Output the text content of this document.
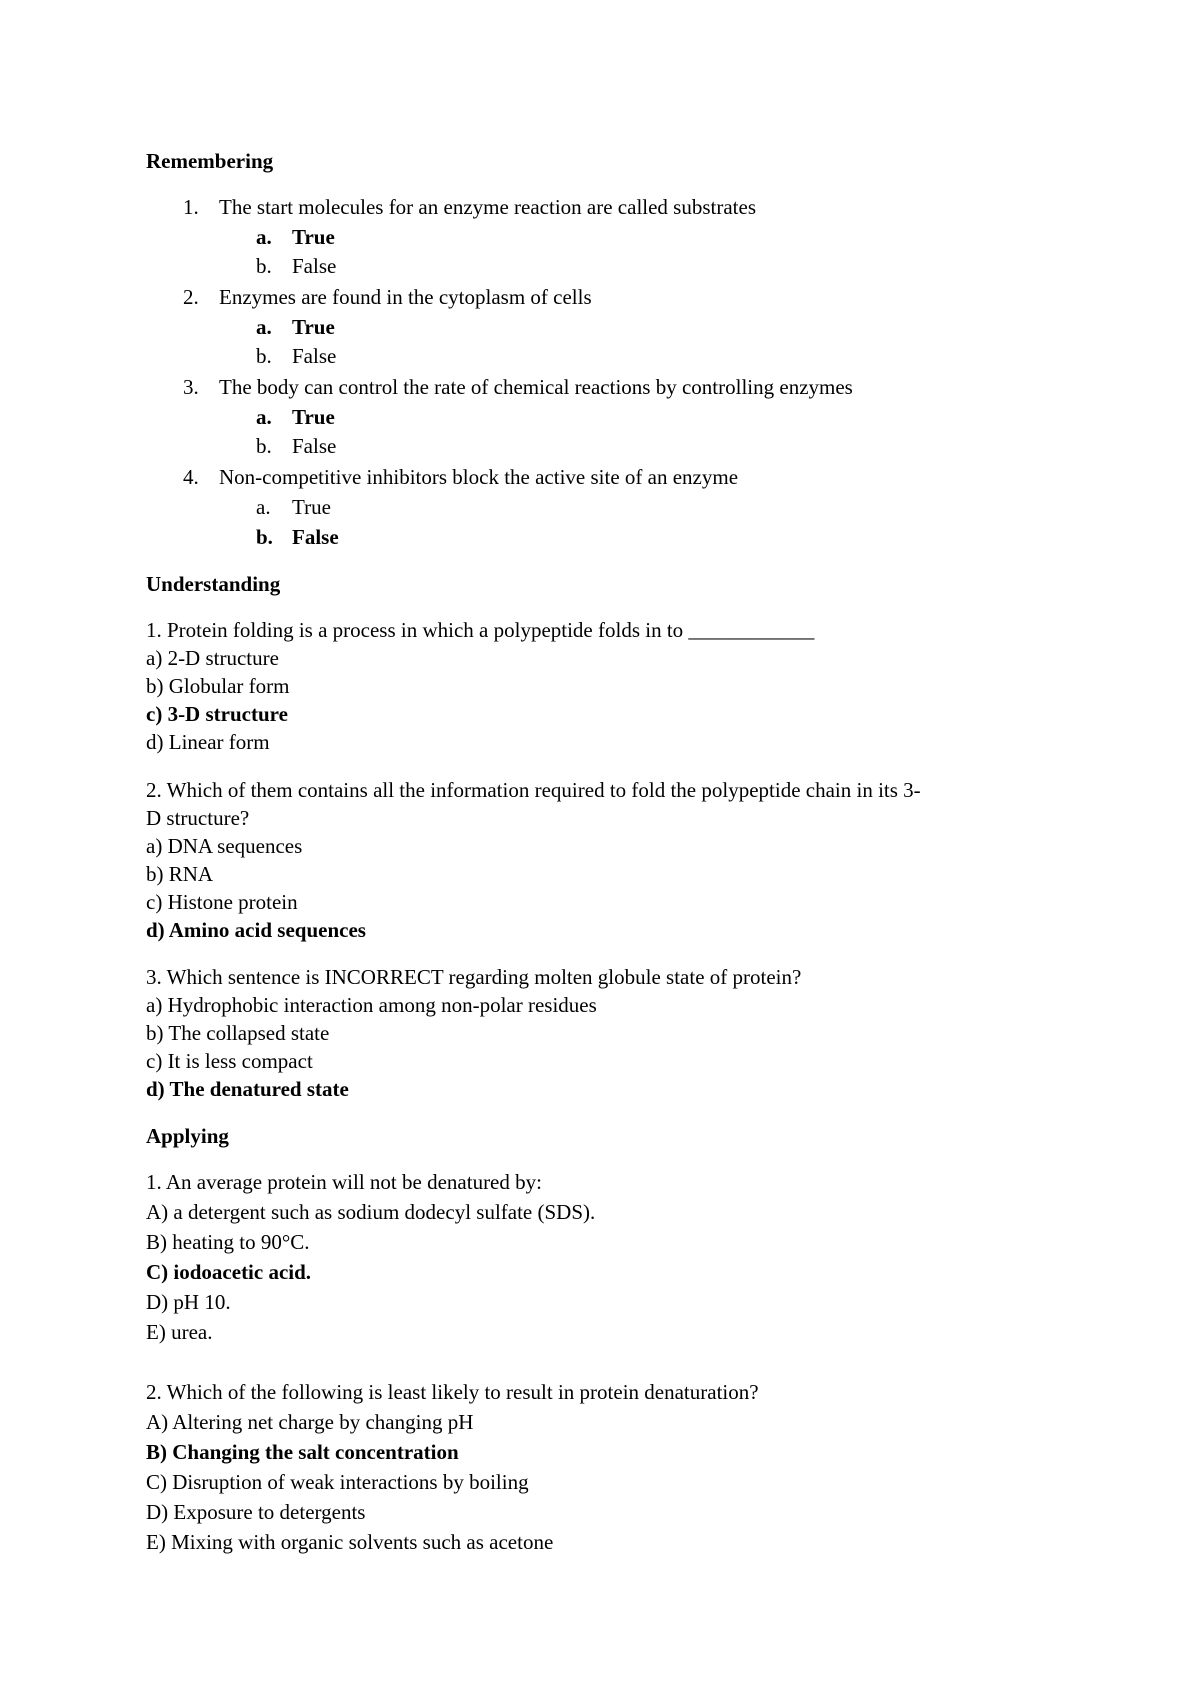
Remembering
1. The start molecules for an enzyme reaction are called substrates
a. True
b. False
2. Enzymes are found in the cytoplasm of cells
a. True
b. False
3. The body can control the rate of chemical reactions by controlling enzymes
a. True
b. False
4. Non-competitive inhibitors block the active site of an enzyme
a. True
b. False
Understanding
1. Protein folding is a process in which a polypeptide folds in to ____________
a) 2-D structure
b) Globular form
c) 3-D structure
d) Linear form
2. Which of them contains all the information required to fold the polypeptide chain in its 3-
D structure?
a) DNA sequences
b) RNA
c) Histone protein
d) Amino acid sequences
3. Which sentence is INCORRECT regarding molten globule state of protein?
a) Hydrophobic interaction among non-polar residues
b) The collapsed state
c) It is less compact
d) The denatured state
Applying
1. An average protein will not be denatured by:
A) a detergent such as sodium dodecyl sulfate (SDS).
B) heating to 90°C.
C) iodoacetic acid.
D) pH 10.
E) urea.
2. Which of the following is least likely to result in protein denaturation?
A) Altering net charge by changing pH
B) Changing the salt concentration
C) Disruption of weak interactions by boiling
D) Exposure to detergents
E) Mixing with organic solvents such as acetone
